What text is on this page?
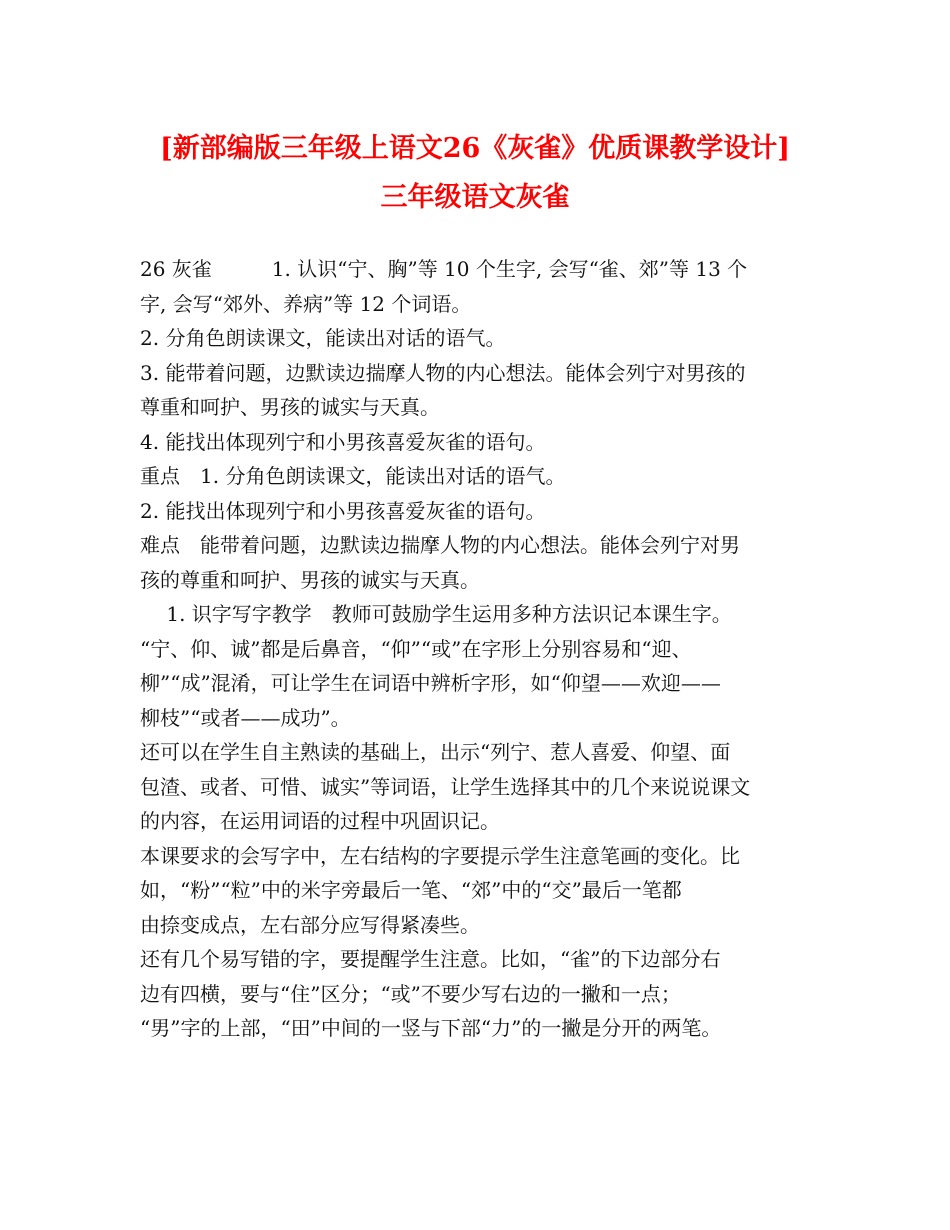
[新部编版三年级上语文26《灰雀》优质课教学设计]
三年级语文灰雀

26 灰雀　　　1. 认识“宁、胸”等 10 个生字, 会写“雀、郊”等 13 个

字, 会写“郊外、养病”等 12 个词语。

2. 分角色朗读课文，能读出对话的语气。

3. 能带着问题，边默读边揣摩人物的内心想法。能体会列宁对男孩的

尊重和呵护、男孩的诚实与天真。

4. 能找出体现列宁和小男孩喜爱灰雀的语句。

重点　1. 分角色朗读课文，能读出对话的语气。

2. 能找出体现列宁和小男孩喜爱灰雀的语句。

难点　能带着问题，边默读边揣摩人物的内心想法。能体会列宁对男

孩的尊重和呵护、男孩的诚实与天真。

　 1. 识字写字教学　教师可鼓励学生运用多种方法识记本课生字。

“宁、仰、诚”都是后鼻音，“仰”“或”在字形上分别容易和“迎、

柳”“成”混淆，可让学生在词语中辨析字形，如“仰望——欢迎——

柳枝”“或者——成功”。

还可以在学生自主熟读的基础上，出示“列宁、惹人喜爱、仰望、面

包渣、或者、可惜、诚实”等词语，让学生选择其中的几个来说说课文

的内容，在运用词语的过程中巩固识记。

本课要求的会写字中，左右结构的字要提示学生注意笔画的变化。比

如，“粉”“粒”中的米字旁最后一笔、“郊”中的“交”最后一笔都

由捺变成点，左右部分应写得紧凑些。

还有几个易写错的字，要提醒学生注意。比如，“雀”的下边部分右

边有四横，要与“住”区分；“或”不要少写右边的一撇和一点；

“男”字的上部，“田”中间的一竖与下部“力”的一撇是分开的两笔。
